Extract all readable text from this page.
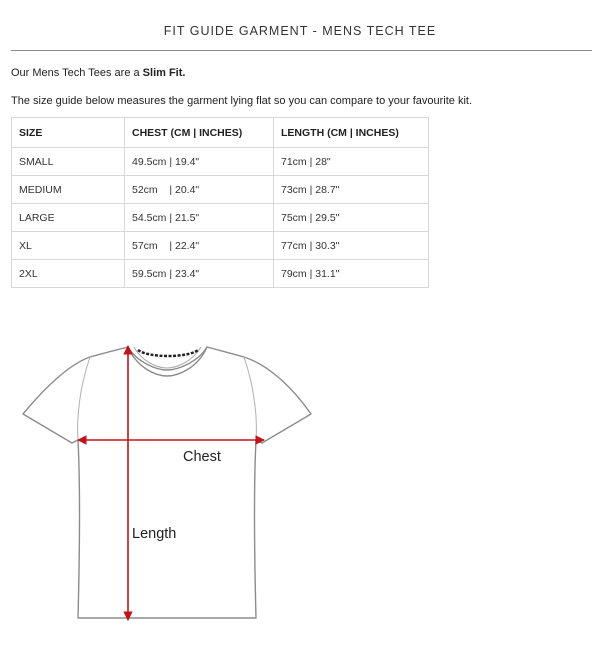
FIT GUIDE GARMENT - MENS TECH TEE
Our Mens Tech Tees are a Slim Fit.
The size guide below measures the garment lying flat so you can compare to your favourite kit.
SIZE	CHEST (CM | INCHES)	LENGTH (CM | INCHES)
SMALL	49.5cm | 19.4"	71cm | 28"
MEDIUM	52cm    | 20.4"	73cm | 28.7"
LARGE	54.5cm | 21.5"	75cm | 29.5"
XL	57cm    | 22.4"	77cm | 30.3"
2XL	59.5cm | 23.4"	79cm | 31.1"
Chest
Length
